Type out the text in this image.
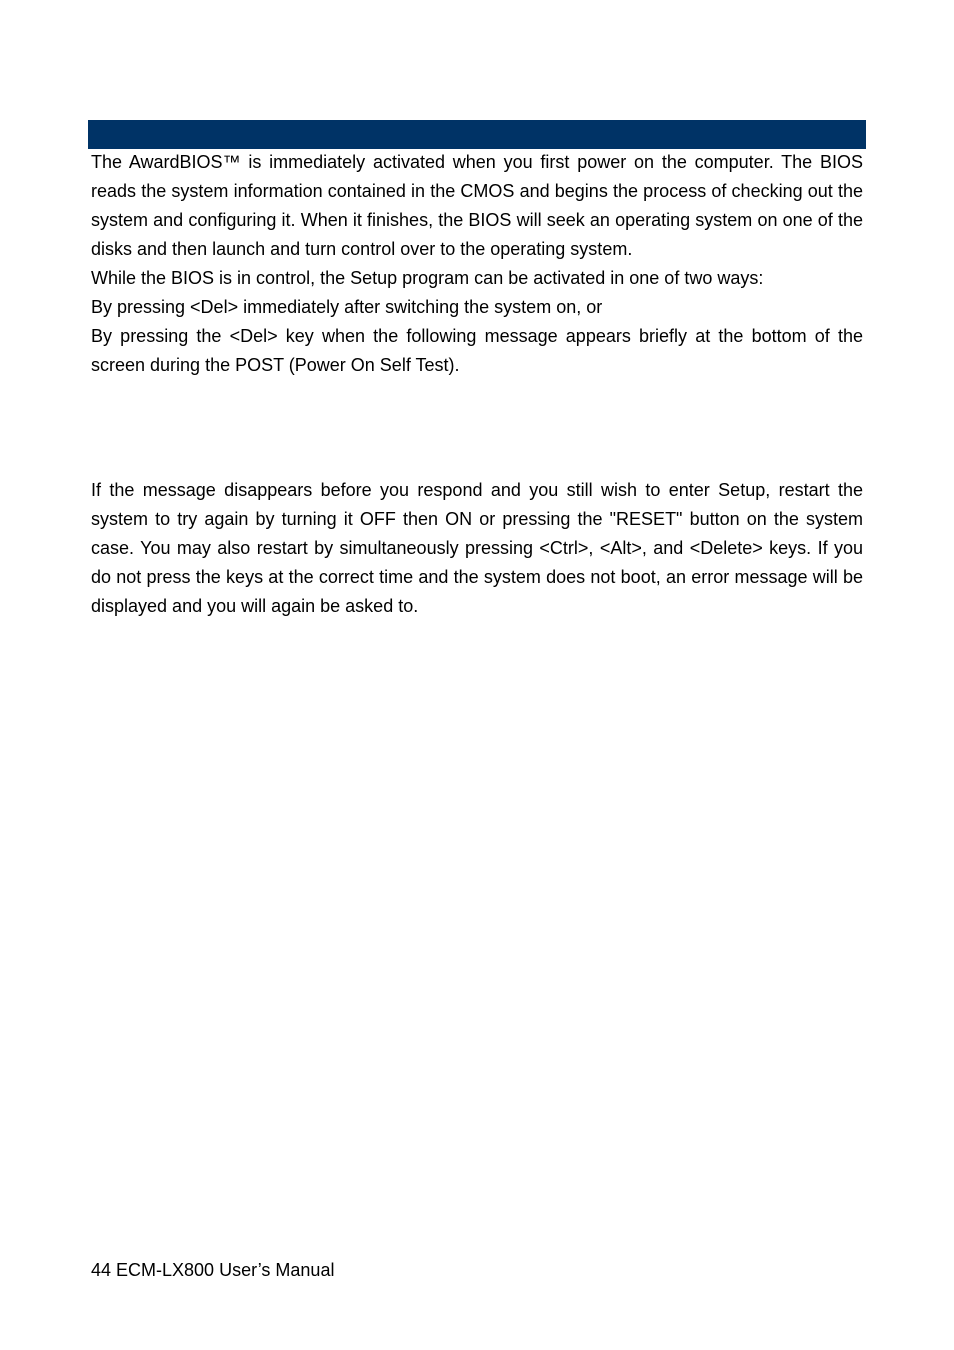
The AwardBIOS™ is immediately activated when you first power on the computer. The BIOS reads the system information contained in the CMOS and begins the process of checking out the system and configuring it. When it finishes, the BIOS will seek an operating system on one of the disks and then launch and turn control over to the operating system.

While the BIOS is in control, the Setup program can be activated in one of two ways:

By pressing <Del> immediately after switching the system on, or

By pressing the <Del> key when the following message appears briefly at the bottom of the screen during the POST (Power On Self Test).

If the message disappears before you respond and you still wish to enter Setup, restart the system to try again by turning it OFF then ON or pressing the "RESET" button on the system case. You may also restart by simultaneously pressing <Ctrl>, <Alt>, and <Delete> keys. If you do not press the keys at the correct time and the system does not boot, an error message will be displayed and you will again be asked to.

44 ECM-LX800 User’s Manual
